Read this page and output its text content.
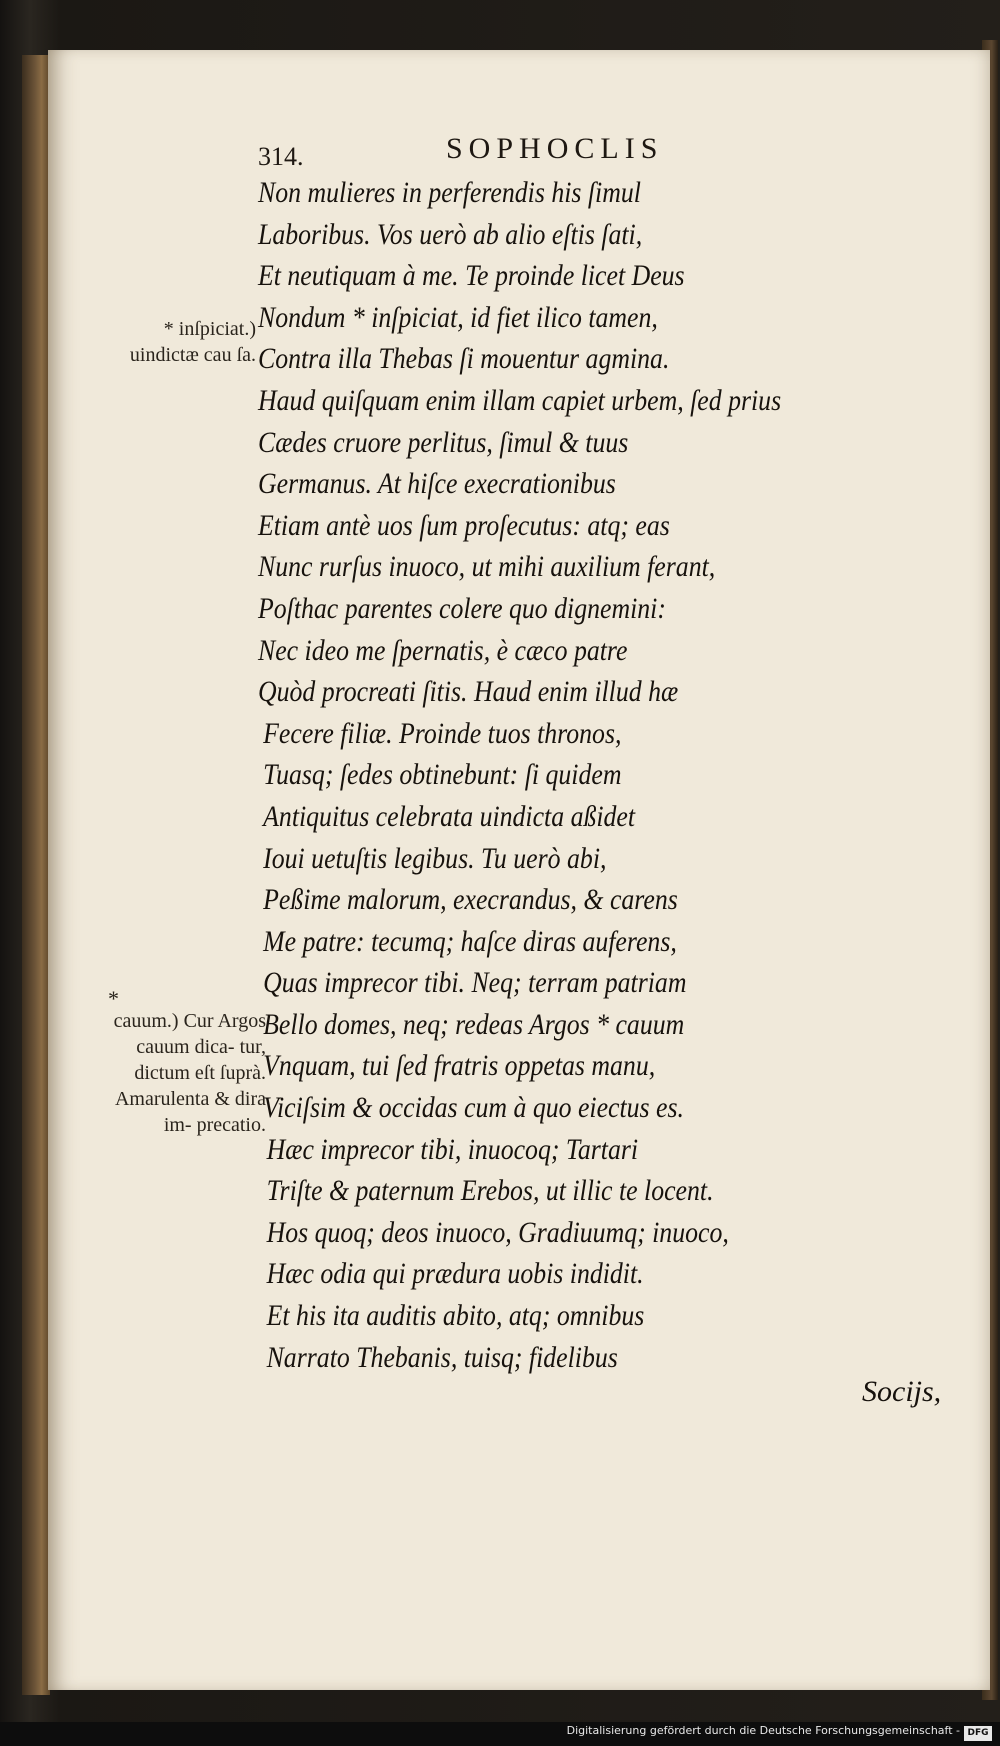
314.	SOPHOCLIS
* inſpiciat.) uindictæ cau ſa.
*
cauum.) Cur Argos cauum dica- tur, dictum eſt ſuprà. Amarulenta & dira im- precatio.
Non mulieres in perferendis his ſimul
Laboribus. Vos uerò ab alio eſtis ſati,
Et neutiquam à me. Te proinde licet Deus
Nondum * inſpiciat, id fiet ilico tamen,
Contra illa Thebas ſi mouentur agmina.
Haud quiſquam enim illam capiet urbem, ſed prius
Cædes cruore perlitus, ſimul & tuus
Germanus. At hiſce execrationibus
Etiam antè uos ſum proſecutus: atq; eas
Nunc rurſus inuoco, ut mihi auxilium ferant,
Poſthac parentes colere quo dignemini:
Nec ideo me ſpernatis, è cæco patre
Quòd procreati ſitis. Haud enim illud hæ
Fecere filiæ. Proinde tuos thronos,
Tuasq; ſedes obtinebunt: ſi quidem
Antiquitus celebrata uindicta aßidet
Ioui uetuſtis legibus. Tu uerò abi,
Peßime malorum, execrandus, & carens
Me patre: tecumq; haſce diras auferens,
Quas imprecor tibi. Neq; terram patriam
Bello domes, neq; redeas Argos * cauum
Vnquam, tui ſed fratris oppetas manu,
Viciſsim & occidas cum à quo eiectus es.
Hæc imprecor tibi, inuocoq; Tartari
Triſte & paternum Erebos, ut illic te locent.
Hos quoq; deos inuoco, Gradiuumq; inuoco,
Hæc odia qui prædura uobis indidit.
Et his ita auditis abito, atq; omnibus
Narrato Thebanis, tuisq; fidelibus
Socijs,
Digitalisierung gefördert durch die Deutsche Forschungsgemeinschaft - DFG
